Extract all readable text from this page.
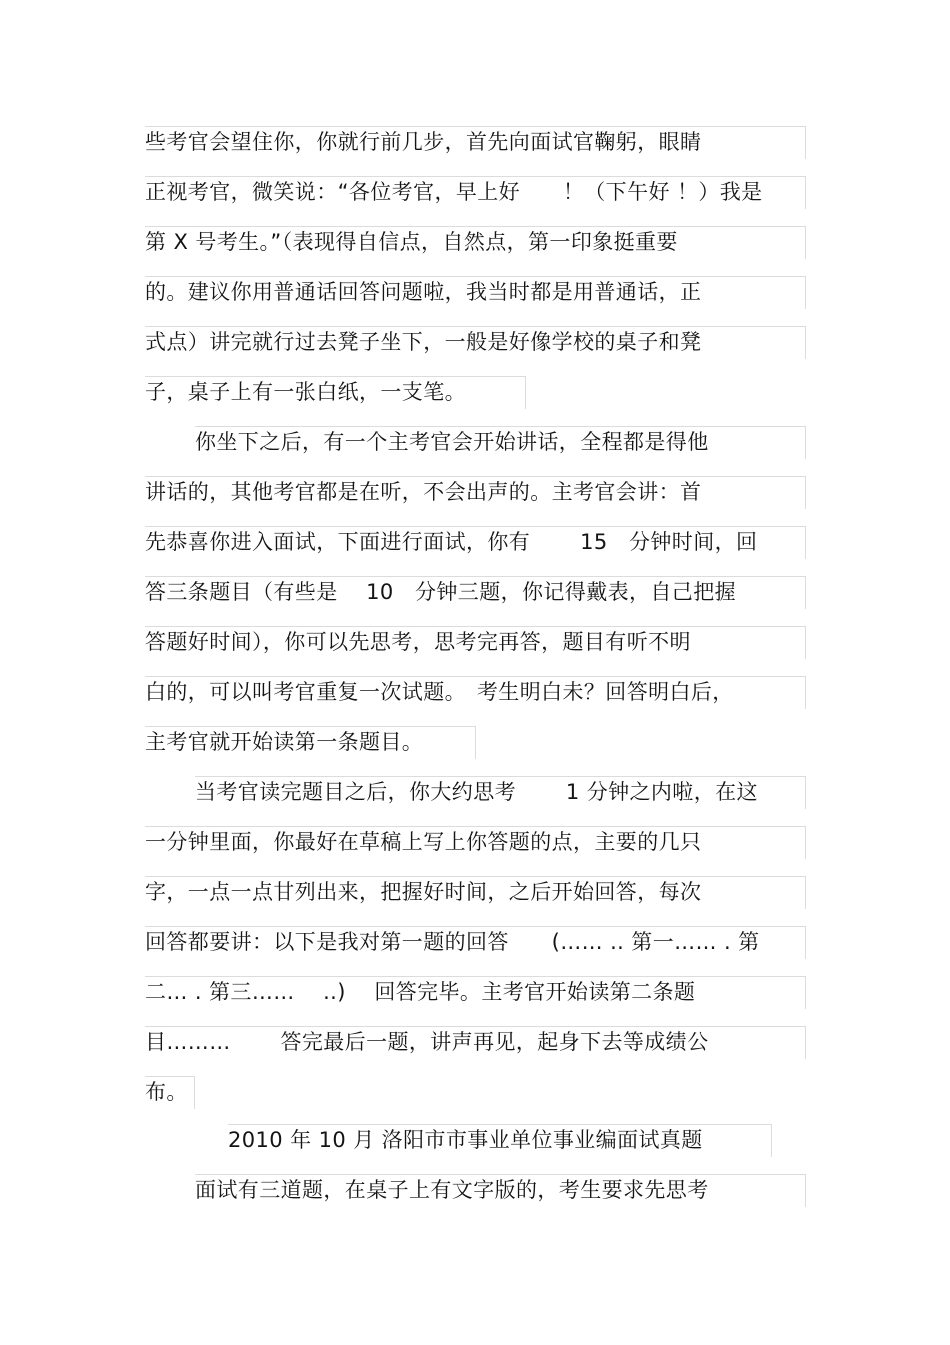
些考官会望住你，你就行前几步，首先向面试官鞠躬，眼睛
正视考官，微笑说：“各位考官，早上好　　！（下午好 ！）我是
第 X 号考生。”（表现得自信点，自然点，第一印象挺重要
的。建议你用普通话回答问题啦，我当时都是用普通话，正
式点）讲完就行过去凳子坐下，一般是好像学校的桌子和凳
子，桌子上有一张白纸，一支笔。
你坐下之后，有一个主考官会开始讲话，全程都是得他
讲话的，其他考官都是在听，不会出声的。主考官会讲：首
先恭喜你进入面试，下面进行面试，你有　　 15　分钟时间，回
答三条题目（有些是　 10　分钟三题，你记得戴表，自己把握
答题好时间），你可以先思考，思考完再答，题目有听不明
白的，可以叫考官重复一次试题。　考生明白未？回答明白后，
主考官就开始读第一条题目。
当考官读完题目之后，你大约思考　　 1 分钟之内啦，在这
一分钟里面，你最好在草稿上写上你答题的点，主要的几只
字，一点一点甘列出来，把握好时间，之后开始回答，每次
回答都要讲：以下是我对第一题的回答　　(…… .. 第一…… . 第
二… . 第三……　 ..)　 回答完毕。主考官开始读第二条题
目………　　 答完最后一题，讲声再见，起身下去等成绩公
布。
2010 年 10 月 洛阳市市事业单位事业编面试真题
面试有三道题，在桌子上有文字版的，考生要求先思考
